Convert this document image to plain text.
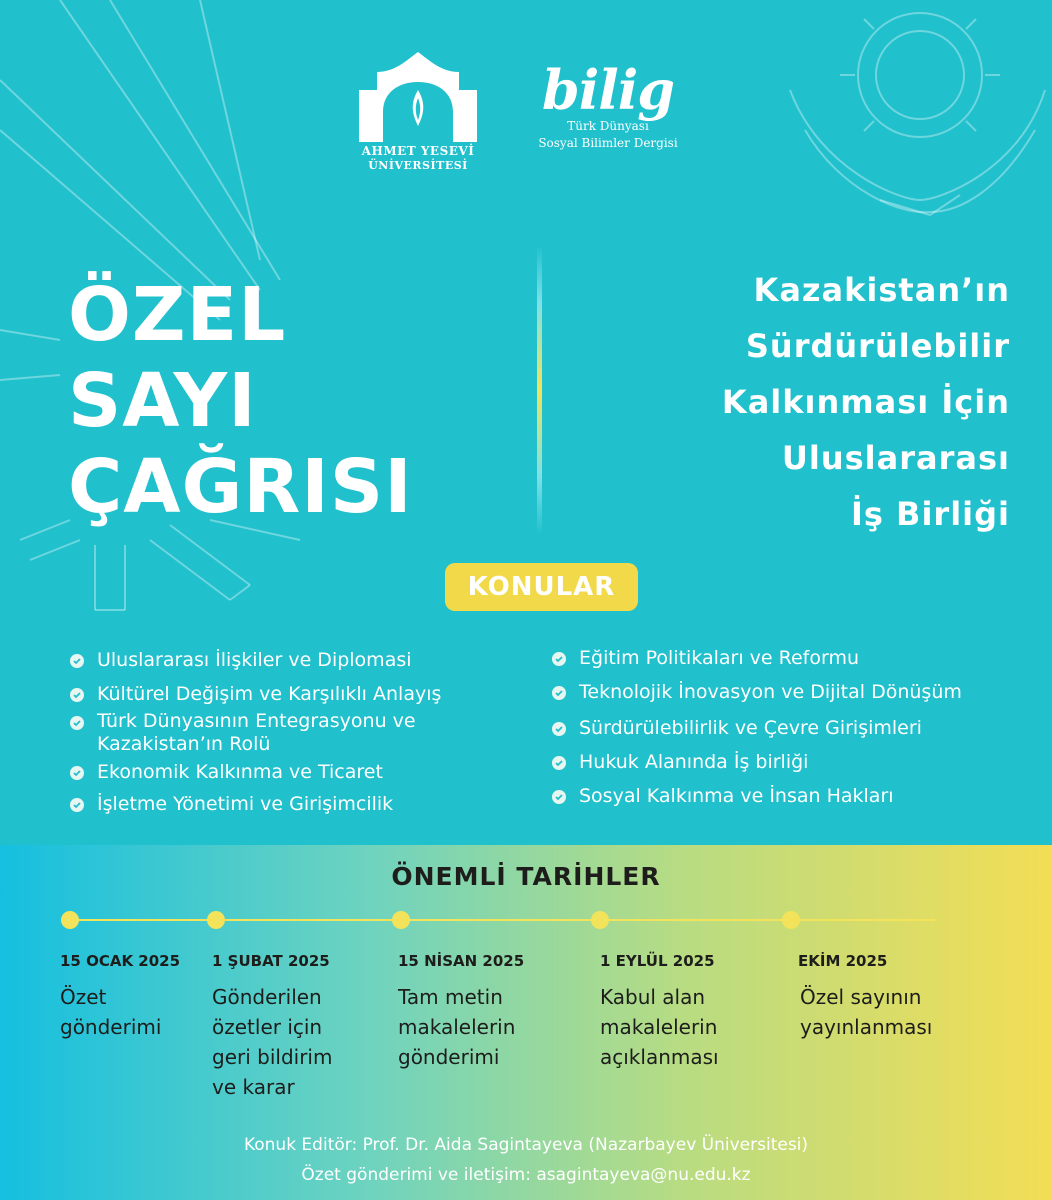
AHMET YESEVİ
ÜNİVERSİTESİ
bilig
Türk Dünyası
Sosyal Bilimler Dergisi
ÖZEL
SAYI
ÇAĞRISI
Kazakistan’ın
Sürdürülebilir
Kalkınması İçin
Uluslararası
İş Birliği
KONULAR
Uluslararası İlişkiler ve Diplomasi
Kültürel Değişim ve Karşılıklı Anlayış
Türk Dünyasının Entegrasyonu ve Kazakistan’ın Rolü
Ekonomik Kalkınma ve Ticaret
İşletme Yönetimi ve Girişimcilik
Eğitim Politikaları ve Reformu
Teknolojik İnovasyon ve Dijital Dönüşüm
Sürdürülebilirlik ve Çevre Girişimleri
Hukuk Alanında İş birliği
Sosyal Kalkınma ve İnsan Hakları
ÖNEMLİ TARİHLER
15 OCAK 2025
Özet gönderimi
1 ŞUBAT 2025
Gönderilen özetler için geri bildirim ve karar
15 NİSAN 2025
Tam metin makalelerin gönderimi
1 EYLÜL 2025
Kabul alan makalelerin açıklanması
EKİM 2025
Özel sayının yayınlanması
Konuk Editör: Prof. Dr. Aida Sagintayeva (Nazarbayev Üniversitesi)
Özet gönderimi ve iletişim: asagintayeva@nu.edu.kz
